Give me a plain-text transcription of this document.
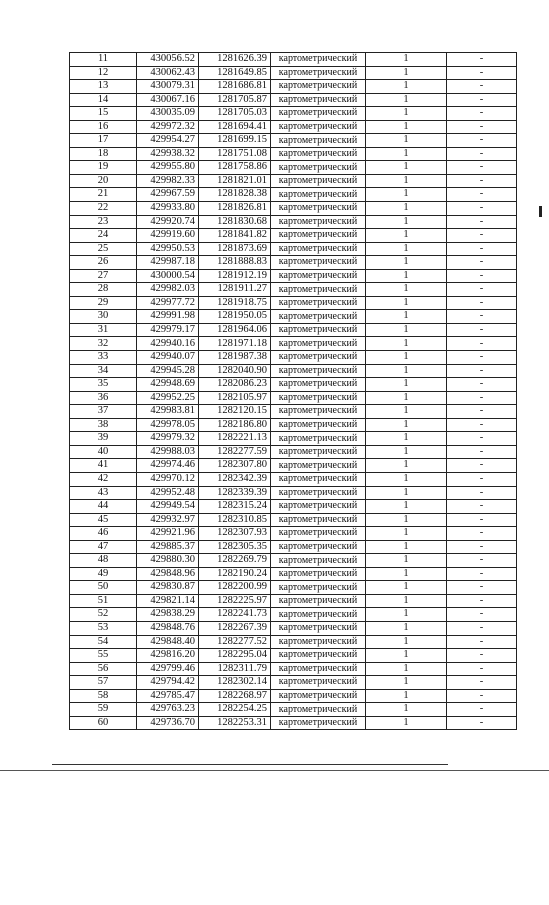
11	430056.52	1281626.39	картометрический	1	-
12	430062.43	1281649.85	картометрический	1	-
13	430079.31	1281686.81	картометрический	1	-
14	430067.16	1281705.87	картометрический	1	-
15	430035.09	1281705.03	картометрический	1	-
16	429972.32	1281694.41	картометрический	1	-
17	429954.27	1281699.15	картометрический	1	-
18	429938.32	1281751.08	картометрический	1	-
19	429955.80	1281758.86	картометрический	1	-
20	429982.33	1281821.01	картометрический	1	-
21	429967.59	1281828.38	картометрический	1	-
22	429933.80	1281826.81	картометрический	1	-
23	429920.74	1281830.68	картометрический	1	-
24	429919.60	1281841.82	картометрический	1	-
25	429950.53	1281873.69	картометрический	1	-
26	429987.18	1281888.83	картометрический	1	-
27	430000.54	1281912.19	картометрический	1	-
28	429982.03	1281911.27	картометрический	1	-
29	429977.72	1281918.75	картометрический	1	-
30	429991.98	1281950.05	картометрический	1	-
31	429979.17	1281964.06	картометрический	1	-
32	429940.16	1281971.18	картометрический	1	-
33	429940.07	1281987.38	картометрический	1	-
34	429945.28	1282040.90	картометрический	1	-
35	429948.69	1282086.23	картометрический	1	-
36	429952.25	1282105.97	картометрический	1	-
37	429983.81	1282120.15	картометрический	1	-
38	429978.05	1282186.80	картометрический	1	-
39	429979.32	1282221.13	картометрический	1	-
40	429988.03	1282277.59	картометрический	1	-
41	429974.46	1282307.80	картометрический	1	-
42	429970.12	1282342.39	картометрический	1	-
43	429952.48	1282339.39	картометрический	1	-
44	429949.54	1282315.24	картометрический	1	-
45	429932.97	1282310.85	картометрический	1	-
46	429921.96	1282307.93	картометрический	1	-
47	429885.37	1282305.35	картометрический	1	-
48	429880.30	1282269.79	картометрический	1	-
49	429848.96	1282190.24	картометрический	1	-
50	429830.87	1282200.99	картометрический	1	-
51	429821.14	1282225.97	картометрический	1	-
52	429838.29	1282241.73	картометрический	1	-
53	429848.76	1282267.39	картометрический	1	-
54	429848.40	1282277.52	картометрический	1	-
55	429816.20	1282295.04	картометрический	1	-
56	429799.46	1282311.79	картометрический	1	-
57	429794.42	1282302.14	картометрический	1	-
58	429785.47	1282268.97	картометрический	1	-
59	429763.23	1282254.25	картометрический	1	-
60	429736.70	1282253.31	картометрический	1	-
